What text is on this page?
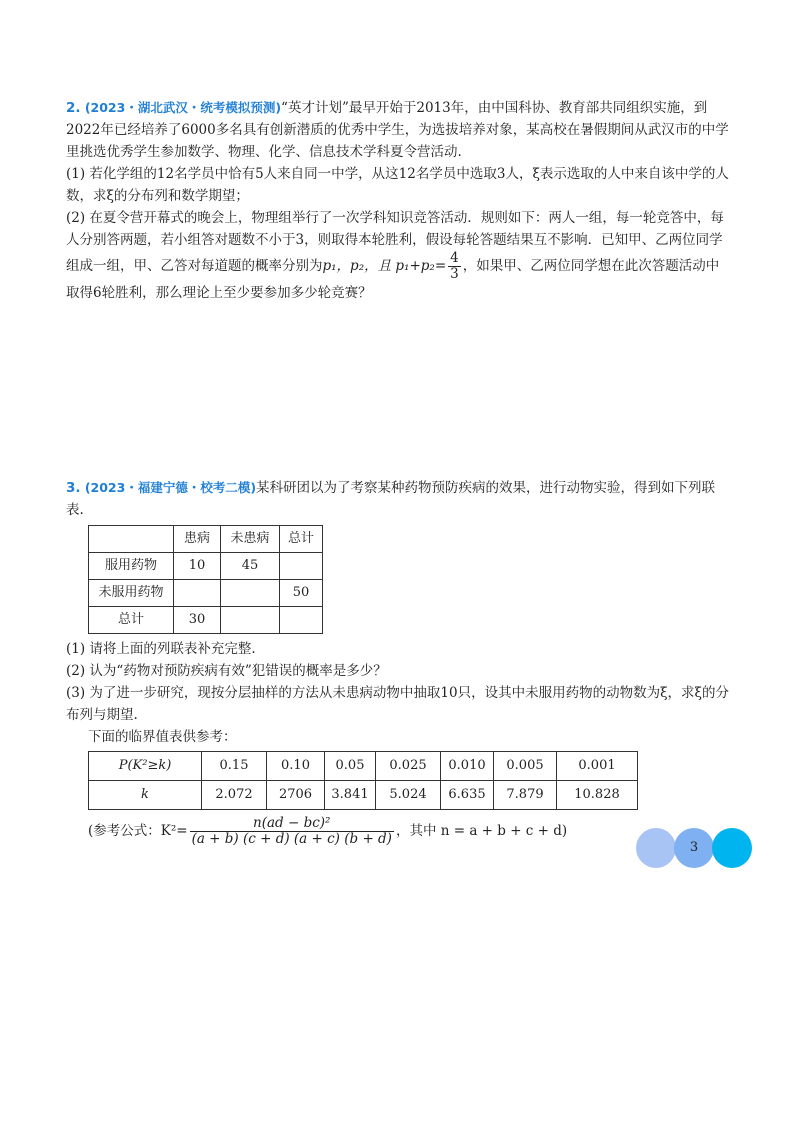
2. (2023・湖北武汉・统考模拟预测)“英才计划”最早开始于2013年，由中国科协、教育部共同组织实施，到2022年已经培养了6000多名具有创新潜质的优秀中学生，为选拔培养对象，某高校在暑假期间从武汉市的中学里挑选优秀学生参加数学、物理、化学、信息技术学科夏令营活动.

(1) 若化学组的12名学员中恰有5人来自同一中学，从这12名学员中选取3人，ξ表示选取的人中来自该中学的人数，求ξ的分布列和数学期望；

(2) 在夏令营开幕式的晚会上，物理组举行了一次学科知识竞答活动．规则如下：两人一组，每一轮竞答中，每人分别答两题，若小组答对题数不小于3，则取得本轮胜利，假设每轮答题结果互不影响．已知甲、乙两位同学组成一组，甲、乙答对每道题的概率分别为p₁，p₂，且 $p_1+p_2= \frac{4}{3}$ ，如果甲、乙两位同学想在此次答题活动中取得6轮胜利，那么理论上至少要参加多少轮竞赛？

3. (2023・福建宁德・校考二模)某科研团以为了考察某种药物预防疾病的效果，进行动物实验，得到如下列联表.

	患病	未患病	总计
服用药物	10	45	
未服用药物			50
总计	30		

(1) 请将上面的列联表补充完整.

(2) 认为“药物对预防疾病有效”犯错误的概率是多少？

(3) 为了进一步研究，现按分层抽样的方法从未患病动物中抽取10只，设其中未服用药物的动物数为ξ，求ξ的分布列与期望.

下面的临界值表供参考：

P(K²≥k)	0.15	0.10	0.05	0.025	0.010	0.005	0.001
k	2.072	2706	3.841	5.024	6.635	7.879	10.828
(参考公式：$K^2= \frac{\text{n(ad − bc)²}}{(a + b) (c + d) (a + c) (b + d)}$ ，其中 n = a + b + c + d)
3
